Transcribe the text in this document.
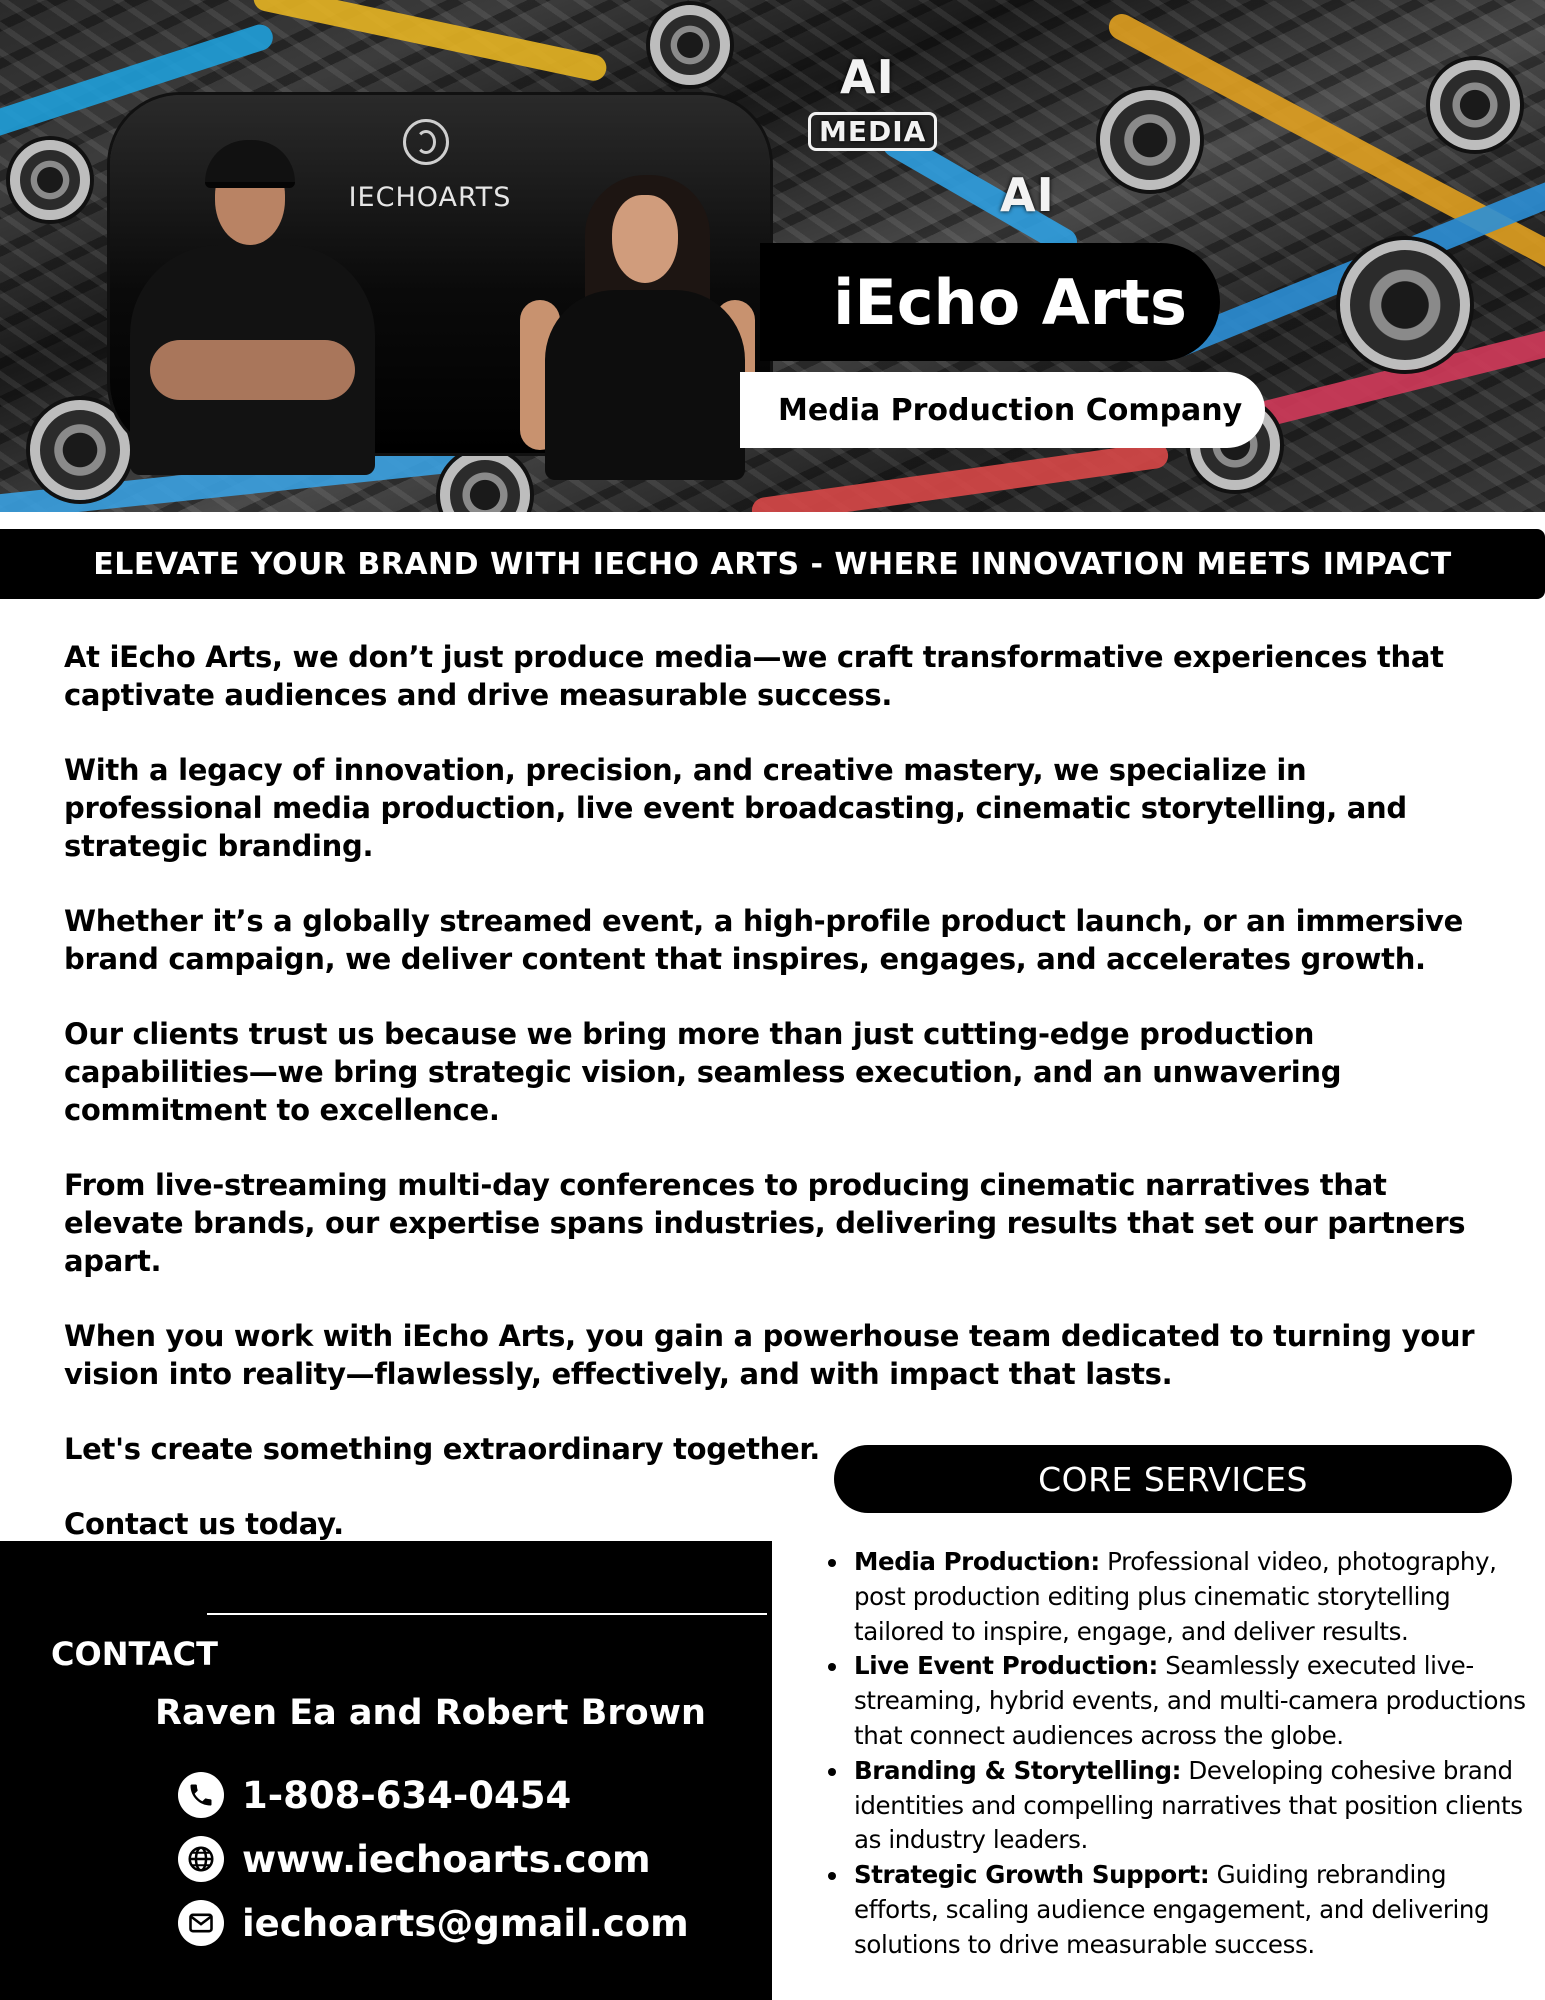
AI
MEDIA
AI
IECHOARTS
iEcho Arts
Media Production Company
ELEVATE YOUR BRAND WITH IECHO ARTS - WHERE INNOVATION MEETS IMPACT

At iEcho Arts, we don’t just produce media—we craft transformative experiences that captivate audiences and drive measurable success.

With a legacy of innovation, precision, and creative mastery, we specialize in professional media production, live event broadcasting, cinematic storytelling, and strategic branding.

Whether it’s a globally streamed event, a high-profile product launch, or an immersive brand campaign, we deliver content that inspires, engages, and accelerates growth.

Our clients trust us because we bring more than just cutting-edge production capabilities—we bring strategic vision, seamless execution, and an unwavering commitment to excellence.

From live-streaming multi-day conferences to producing cinematic narratives that elevate brands, our expertise spans industries, delivering results that set our partners apart.

When you work with iEcho Arts, you gain a powerhouse team dedicated to turning your vision into reality—flawlessly, effectively, and with impact that lasts.

Let's create something extraordinary together.

Contact us today.

CORE SERVICES
Media Production: Professional video, photography, post production editing plus cinematic storytelling tailored to inspire, engage, and deliver results.
Live Event Production: Seamlessly executed live-streaming, hybrid events, and multi-camera productions that connect audiences across the globe.
Branding & Storytelling: Developing cohesive brand identities and compelling narratives that position clients as industry leaders.
Strategic Growth Support: Guiding rebranding efforts, scaling audience engagement, and delivering solutions to drive measurable success.
CONTACT
Raven Ea and Robert Brown
1-808-634-0454
www.iechoarts.com
iechoarts@gmail.com
